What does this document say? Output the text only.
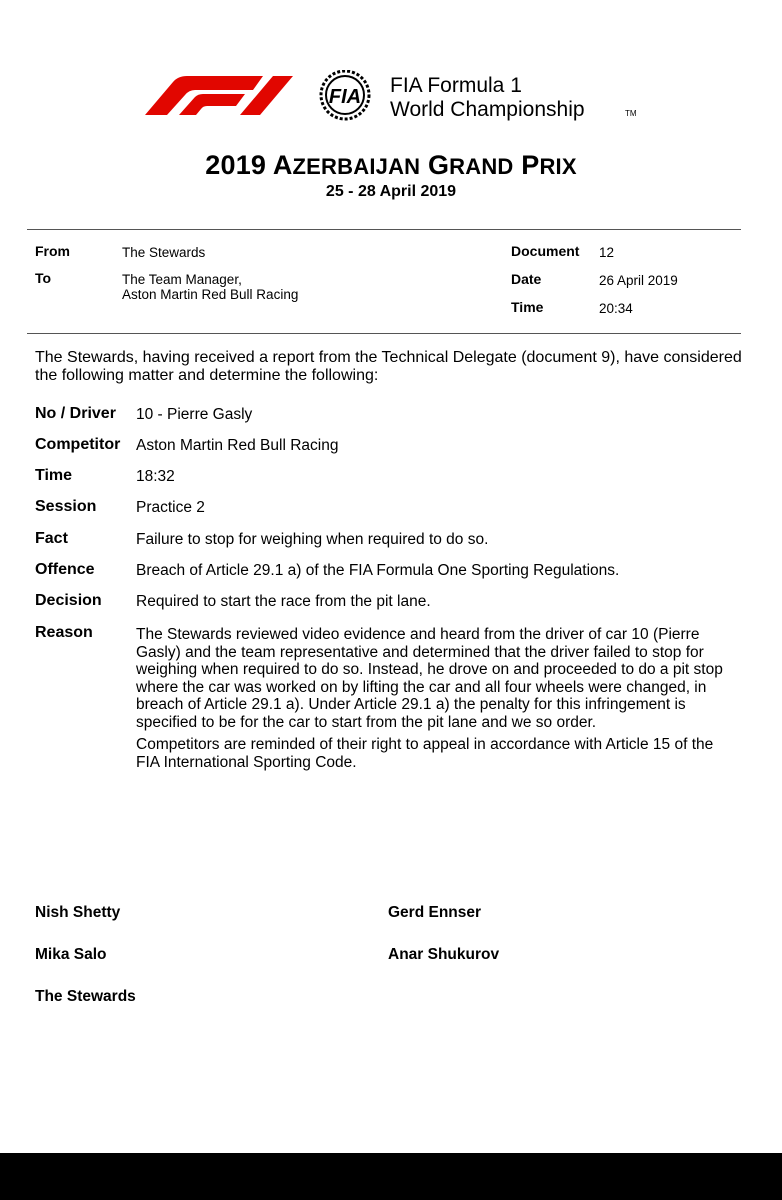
FIA FIA Formula 1
World Championship	TM
2019 AZERBAIJAN GRAND PRIX
25 - 28 April 2019
From	The Stewards
To	The Team Manager,
Aston Martin Red Bull Racing
Document 12
Date	26 April 2019
Time	20:34
The Stewards, having received a report from the Technical Delegate (document 9), have considered the following matter and determine the following:
No / Driver 10 - Pierre Gasly
Competitor Aston Martin Red Bull Racing
Time	18:32
Session	Practice 2
Fact	Failure to stop for weighing when required to do so.
Offence	Breach of Article 29.1 a) of the FIA Formula One Sporting Regulations.
Decision Required to start the race from the pit lane.
Reason	The Stewards reviewed video evidence and heard from the driver of car 10 (Pierre Gasly) and the team representative and determined that the driver failed to stop for weighing when required to do so. Instead, he drove on and proceeded to do a pit stop where the car was worked on by lifting the car and all four wheels were changed, in breach of Article 29.1 a). Under Article 29.1 a) the penalty for this infringement is specified to be for the car to start from the pit lane and we so order.

Competitors are reminded of their right to appeal in accordance with Article 15 of the FIA International Sporting Code.

Nish Shetty	Gerd Ennser
Mika Salo	Anar Shukurov
The Stewards
